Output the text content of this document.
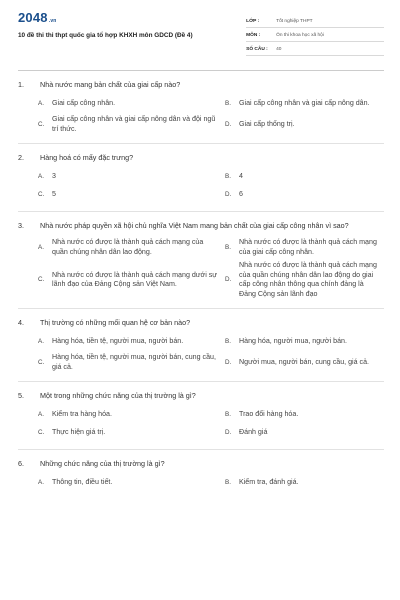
2048.vn
10 đề thi thi thpt quốc gia tổ hợp KHXH môn GDCD (Đề 4)
LỚP :	Tốt nghiệp THPT
MÔN :	Ôn thi khoa học xã hội
SỐ CÂU :	40
1.	Nhà nước mang bản chất của giai cấp nào?
A.	Giai cấp công nhân.	B.	Giai cấp công nhân và giai cấp nông dân.
C.
Giai cấp công nhân và giai cấp nông dân và đội ngũ trí thức.
D.	Giai cấp thống trị.
2.	Hàng hoá có mấy đặc trưng?
A.	3	B.	4
C.	5	D.	6
3.	Nhà nước pháp quyền xã hội chủ nghĩa Việt Nam mang bản chất của giai cấp công nhân vì sao?
A.
Nhà nước có được là thành quả cách mạng của quần chúng nhân dân lao động.
B.
Nhà nước có được là thành quả cách mạng của giai cấp công nhân.
C.
Nhà nước có được là thành quả cách mạng dưới sự lãnh đạo của Đảng Cộng sản Việt Nam.
D.
Nhà nước có được là thành quả cách mạng của quần chúng nhân dân lao động do giai cấp công nhân thông qua chính đảng là Đảng Cộng sản lãnh đạo
4.	Thị trường có những mối quan hệ cơ bản nào?
A.	Hàng hóa, tiền tệ, người mua, người bán.	B.	Hàng hóa, người mua, người bán.
C.
Hàng hóa, tiền tệ, người mua, người bán, cung cầu, giá cả.
D.	Người mua, người bán, cung cầu, giá cả.
5.	Một trong những chức năng của thị trường là gì?
A.	Kiểm tra hàng hóa.	B.	Trao đổi hàng hóa.
C.	Thực hiện giá trị.	D.	Đánh giá
6.	Những chức năng của thị trường là gì?
A.	Thông tin, điều tiết.	B.	Kiểm tra, đánh giá.
